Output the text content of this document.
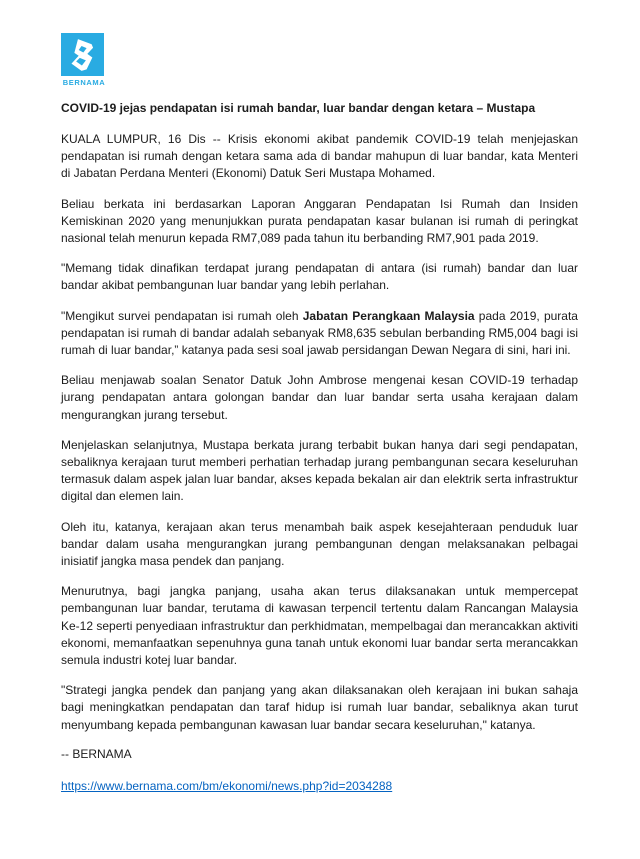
BERNAMA
COVID-19 jejas pendapatan isi rumah bandar, luar bandar dengan ketara – Mustapa

KUALA LUMPUR, 16 Dis -- Krisis ekonomi akibat pandemik COVID-19 telah menjejaskan pendapatan isi rumah dengan ketara sama ada di bandar mahupun di luar bandar, kata Menteri di Jabatan Perdana Menteri (Ekonomi) Datuk Seri Mustapa Mohamed.

Beliau berkata ini berdasarkan Laporan Anggaran Pendapatan Isi Rumah dan Insiden Kemiskinan 2020 yang menunjukkan purata pendapatan kasar bulanan isi rumah di peringkat nasional telah menurun kepada RM7,089 pada tahun itu berbanding RM7,901 pada 2019.

"Memang tidak dinafikan terdapat jurang pendapatan di antara (isi rumah) bandar dan luar bandar akibat pembangunan luar bandar yang lebih perlahan.

"Mengikut survei pendapatan isi rumah oleh Jabatan Perangkaan Malaysia pada 2019, purata pendapatan isi rumah di bandar adalah sebanyak RM8,635 sebulan berbanding RM5,004 bagi isi rumah di luar bandar,” katanya pada sesi soal jawab persidangan Dewan Negara di sini, hari ini.

Beliau menjawab soalan Senator Datuk John Ambrose mengenai kesan COVID-19 terhadap jurang pendapatan antara golongan bandar dan luar bandar serta usaha kerajaan dalam mengurangkan jurang tersebut.

Menjelaskan selanjutnya, Mustapa berkata jurang terbabit bukan hanya dari segi pendapatan, sebaliknya kerajaan turut memberi perhatian terhadap jurang pembangunan secara keseluruhan termasuk dalam aspek jalan luar bandar, akses kepada bekalan air dan elektrik serta infrastruktur digital dan elemen lain.

Oleh itu, katanya, kerajaan akan terus menambah baik aspek kesejahteraan penduduk luar bandar dalam usaha mengurangkan jurang pembangunan dengan melaksanakan pelbagai inisiatif jangka masa pendek dan panjang.

Menurutnya, bagi jangka panjang, usaha akan terus dilaksanakan untuk mempercepat pembangunan luar bandar, terutama di kawasan terpencil tertentu dalam Rancangan Malaysia Ke-12 seperti penyediaan infrastruktur dan perkhidmatan, mempelbagai dan merancakkan aktiviti ekonomi, memanfaatkan sepenuhnya guna tanah untuk ekonomi luar bandar serta merancakkan semula industri kotej luar bandar.

"Strategi jangka pendek dan panjang yang akan dilaksanakan oleh kerajaan ini bukan sahaja bagi meningkatkan pendapatan dan taraf hidup isi rumah luar bandar, sebaliknya akan turut menyumbang kepada pembangunan kawasan luar bandar secara keseluruhan," katanya.

-- BERNAMA

https://www.bernama.com/bm/ekonomi/news.php?id=2034288
